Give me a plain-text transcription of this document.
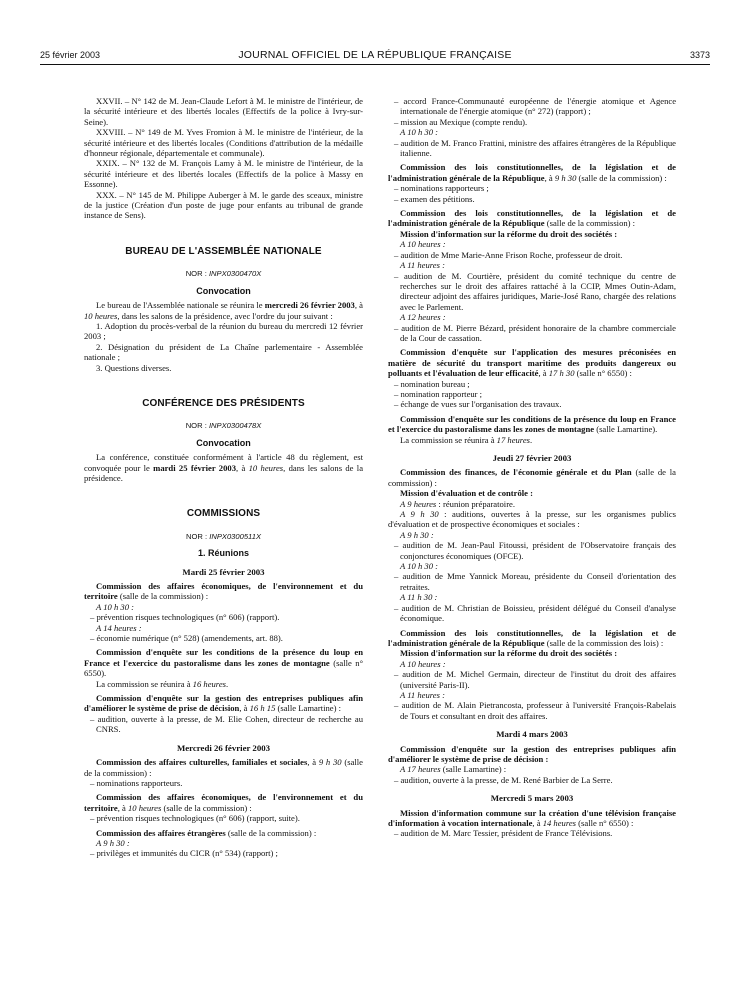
25 février 2003	JOURNAL OFFICIEL DE LA RÉPUBLIQUE FRANÇAISE	3373

XXVII. – N° 142 de M. Jean-Claude Lefort à M. le ministre de l'intérieur, de la sécurité intérieure et des libertés locales (Effectifs de la police à Ivry-sur-Seine).

XXVIII. – N° 149 de M. Yves Fromion à M. le ministre de l'intérieur, de la sécurité intérieure et des libertés locales (Conditions d'attribution de la médaille d'honneur régionale, départementale et communale).

XXIX. – N° 132 de M. François Lamy à M. le ministre de l'intérieur, de la sécurité intérieure et des libertés locales (Effectifs de la police à Massy en Essonne).

XXX. – N° 145 de M. Philippe Auberger à M. le garde des sceaux, ministre de la justice (Création d'un poste de juge pour enfants au tribunal de grande instance de Sens).

BUREAU DE L'ASSEMBLÉE NATIONALE

NOR : INPX0300470X

Convocation

Le bureau de l'Assemblée nationale se réunira le mercredi 26 février 2003, à 10 heures, dans les salons de la présidence, avec l'ordre du jour suivant :

1. Adoption du procès-verbal de la réunion du bureau du mercredi 12 février 2003 ;

2. Désignation du président de La Chaîne parlementaire - Assemblée nationale ;

3. Questions diverses.

CONFÉRENCE DES PRÉSIDENTS

NOR : INPX0300478X

Convocation

La conférence, constituée conformément à l'article 48 du règlement, est convoquée pour le mardi 25 février 2003, à 10 heures, dans les salons de la présidence.

COMMISSIONS

NOR : INPX0300511X

1. Réunions

Mardi 25 février 2003

Commission des affaires économiques, de l'environnement et du territoire (salle de la commission) :

A 10 h 30 :

– prévention risques technologiques (n° 606) (rapport).

A 14 heures :

– économie numérique (n° 528) (amendements, art. 88).

Commission d'enquête sur les conditions de la présence du loup en France et l'exercice du pastoralisme dans les zones de montagne (salle n° 6550).

La commission se réunira à 16 heures.

Commission d'enquête sur la gestion des entreprises publiques afin d'améliorer le système de prise de décision, à 16 h 15 (salle Lamartine) :

– audition, ouverte à la presse, de M. Elie Cohen, directeur de recherche au CNRS.

Mercredi 26 février 2003

Commission des affaires culturelles, familiales et sociales, à 9 h 30 (salle de la commission) :

– nominations rapporteurs.

Commission des affaires économiques, de l'environnement et du territoire, à 10 heures (salle de la commission) :

– prévention risques technologiques (n° 606) (rapport, suite).

Commission des affaires étrangères (salle de la commission) :

A 9 h 30 :

– privilèges et immunités du CICR (n° 534) (rapport) ;

– accord France-Communauté européenne de l'énergie atomique et Agence internationale de l'énergie atomique (n° 272) (rapport) ;

– mission au Mexique (compte rendu).

A 10 h 30 :

– audition de M. Franco Frattini, ministre des affaires étrangères de la République italienne.

Commission des lois constitutionnelles, de la législation et de l'administration générale de la République, à 9 h 30 (salle de la commission) :

– nominations rapporteurs ;

– examen des pétitions.

Commission des lois constitutionnelles, de la législation et de l'administration générale de la République (salle de la commission) :

Mission d'information sur la réforme du droit des sociétés :

A 10 heures :

– audition de Mme Marie-Anne Frison Roche, professeur de droit.

A 11 heures :

– audition de M. Courtière, président du comité technique du centre de recherches sur le droit des affaires rattaché à la CCIP, Mmes Outin-Adam, directeur adjoint des affaires juridiques, Marie-José Rano, chargée des relations avec le Parlement.

A 12 heures :

– audition de M. Pierre Bézard, président honoraire de la chambre commerciale de la Cour de cassation.

Commission d'enquête sur l'application des mesures préconisées en matière de sécurité du transport maritime des produits dangereux ou polluants et l'évaluation de leur efficacité, à 17 h 30 (salle n° 6550) :

– nomination bureau ;

– nomination rapporteur ;

– échange de vues sur l'organisation des travaux.

Commission d'enquête sur les conditions de la présence du loup en France et l'exercice du pastoralisme dans les zones de montagne (salle Lamartine).

La commission se réunira à 17 heures.

Jeudi 27 février 2003

Commission des finances, de l'économie générale et du Plan (salle de la commission) :

Mission d'évaluation et de contrôle :

A 9 heures : réunion préparatoire.

A 9 h 30 : auditions, ouvertes à la presse, sur les organismes publics d'évaluation et de prospective économiques et sociales :

A 9 h 30 :

– audition de M. Jean-Paul Fitoussi, président de l'Observatoire français des conjonctures économiques (OFCE).

A 10 h 30 :

– audition de Mme Yannick Moreau, présidente du Conseil d'orientation des retraites.

A 11 h 30 :

– audition de M. Christian de Boissieu, président délégué du Conseil d'analyse économique.

Commission des lois constitutionnelles, de la législation et de l'administration générale de la République (salle de la commission des lois) :

Mission d'information sur la réforme du droit des sociétés :

A 10 heures :

– audition de M. Michel Germain, directeur de l'institut du droit des affaires (université Paris-II).

A 11 heures :

– audition de M. Alain Pietrancosta, professeur à l'université François-Rabelais de Tours et consultant en droit des affaires.

Mardi 4 mars 2003

Commission d'enquête sur la gestion des entreprises publiques afin d'améliorer le système de prise de décision :

A 17 heures (salle Lamartine) :

– audition, ouverte à la presse, de M. René Barbier de La Serre.

Mercredi 5 mars 2003

Mission d'information commune sur la création d'une télévision française d'information à vocation internationale, à 14 heures (salle n° 6550) :

– audition de M. Marc Tessier, président de France Télévisions.
